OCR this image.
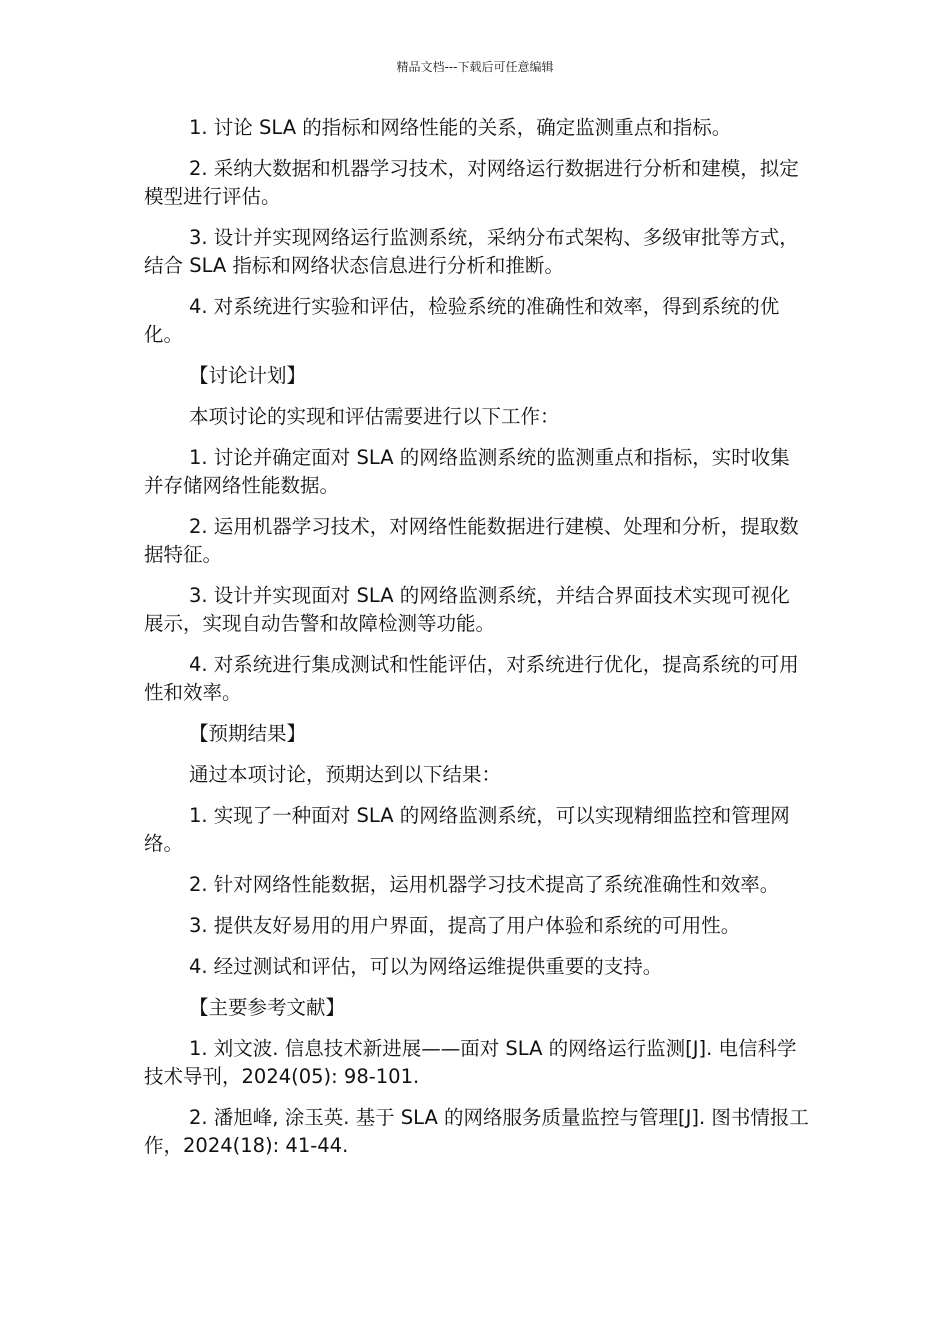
精品文档---下载后可任意编辑

1. 讨论 SLA 的指标和网络性能的关系，确定监测重点和指标。

2. 采纳大数据和机器学习技术，对网络运行数据进行分析和建模，拟定模型进行评估。

3. 设计并实现网络运行监测系统，采纳分布式架构、多级审批等方式，结合 SLA 指标和网络状态信息进行分析和推断。

4. 对系统进行实验和评估，检验系统的准确性和效率，得到系统的优化。

【讨论计划】

本项讨论的实现和评估需要进行以下工作：

1. 讨论并确定面对 SLA 的网络监测系统的监测重点和指标，实时收集并存储网络性能数据。

2. 运用机器学习技术，对网络性能数据进行建模、处理和分析，提取数据特征。

3. 设计并实现面对 SLA 的网络监测系统，并结合界面技术实现可视化展示，实现自动告警和故障检测等功能。

4. 对系统进行集成测试和性能评估，对系统进行优化，提高系统的可用性和效率。

【预期结果】

通过本项讨论，预期达到以下结果：

1. 实现了一种面对 SLA 的网络监测系统，可以实现精细监控和管理网络。

2. 针对网络性能数据，运用机器学习技术提高了系统准确性和效率。

3. 提供友好易用的用户界面，提高了用户体验和系统的可用性。

4. 经过测试和评估，可以为网络运维提供重要的支持。

【主要参考文献】

1. 刘文波. 信息技术新进展——面对 SLA 的网络运行监测[J]. 电信科学技术导刊，2024(05): 98-101.

2. 潘旭峰, 涂玉英. 基于 SLA 的网络服务质量监控与管理[J]. 图书情报工作，2024(18): 41-44.
